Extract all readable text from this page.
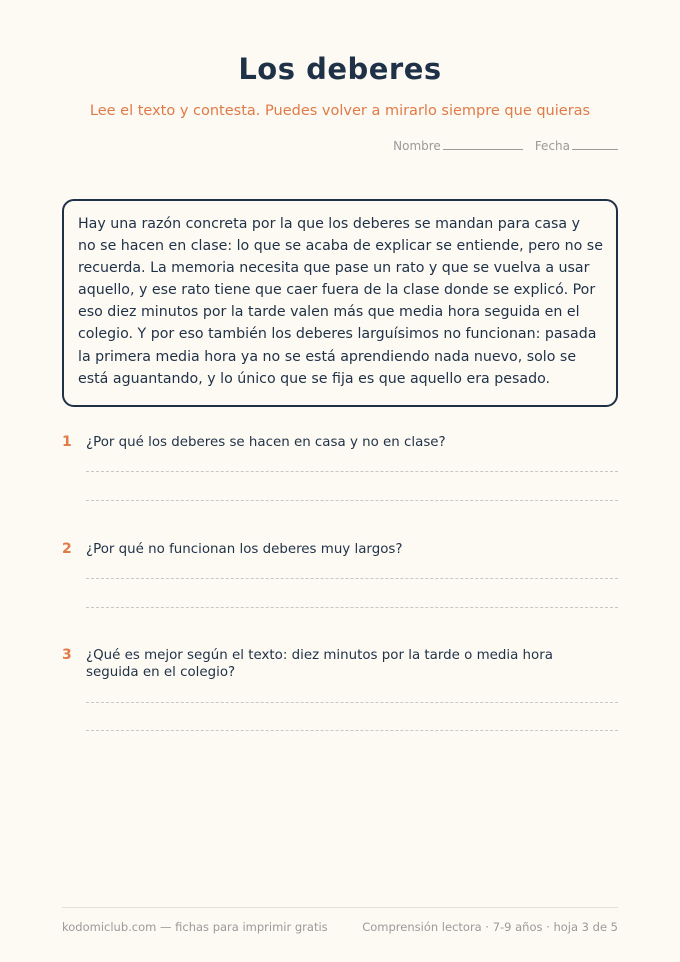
Los deberes
Lee el texto y contesta. Puedes volver a mirarlo siempre que quieras
Nombre	Fecha
Hay una razón concreta por la que los deberes se mandan para casa y
no se hacen en clase: lo que se acaba de explicar se entiende, pero no se
recuerda. La memoria necesita que pase un rato y que se vuelva a usar
aquello, y ese rato tiene que caer fuera de la clase donde se explicó. Por
eso diez minutos por la tarde valen más que media hora seguida en el
colegio. Y por eso también los deberes larguísimos no funcionan: pasada
la primera media hora ya no se está aprendiendo nada nuevo, solo se
está aguantando, y lo único que se fija es que aquello era pesado.
1 ¿Por qué los deberes se hacen en casa y no en clase?
2 ¿Por qué no funcionan los deberes muy largos?
3 ¿Qué es mejor según el texto: diez minutos por la tarde o media hora seguida en el colegio?
kodomiclub.com — fichas para imprimir gratis	Comprensión lectora · 7-9 años · hoja 3 de 5
